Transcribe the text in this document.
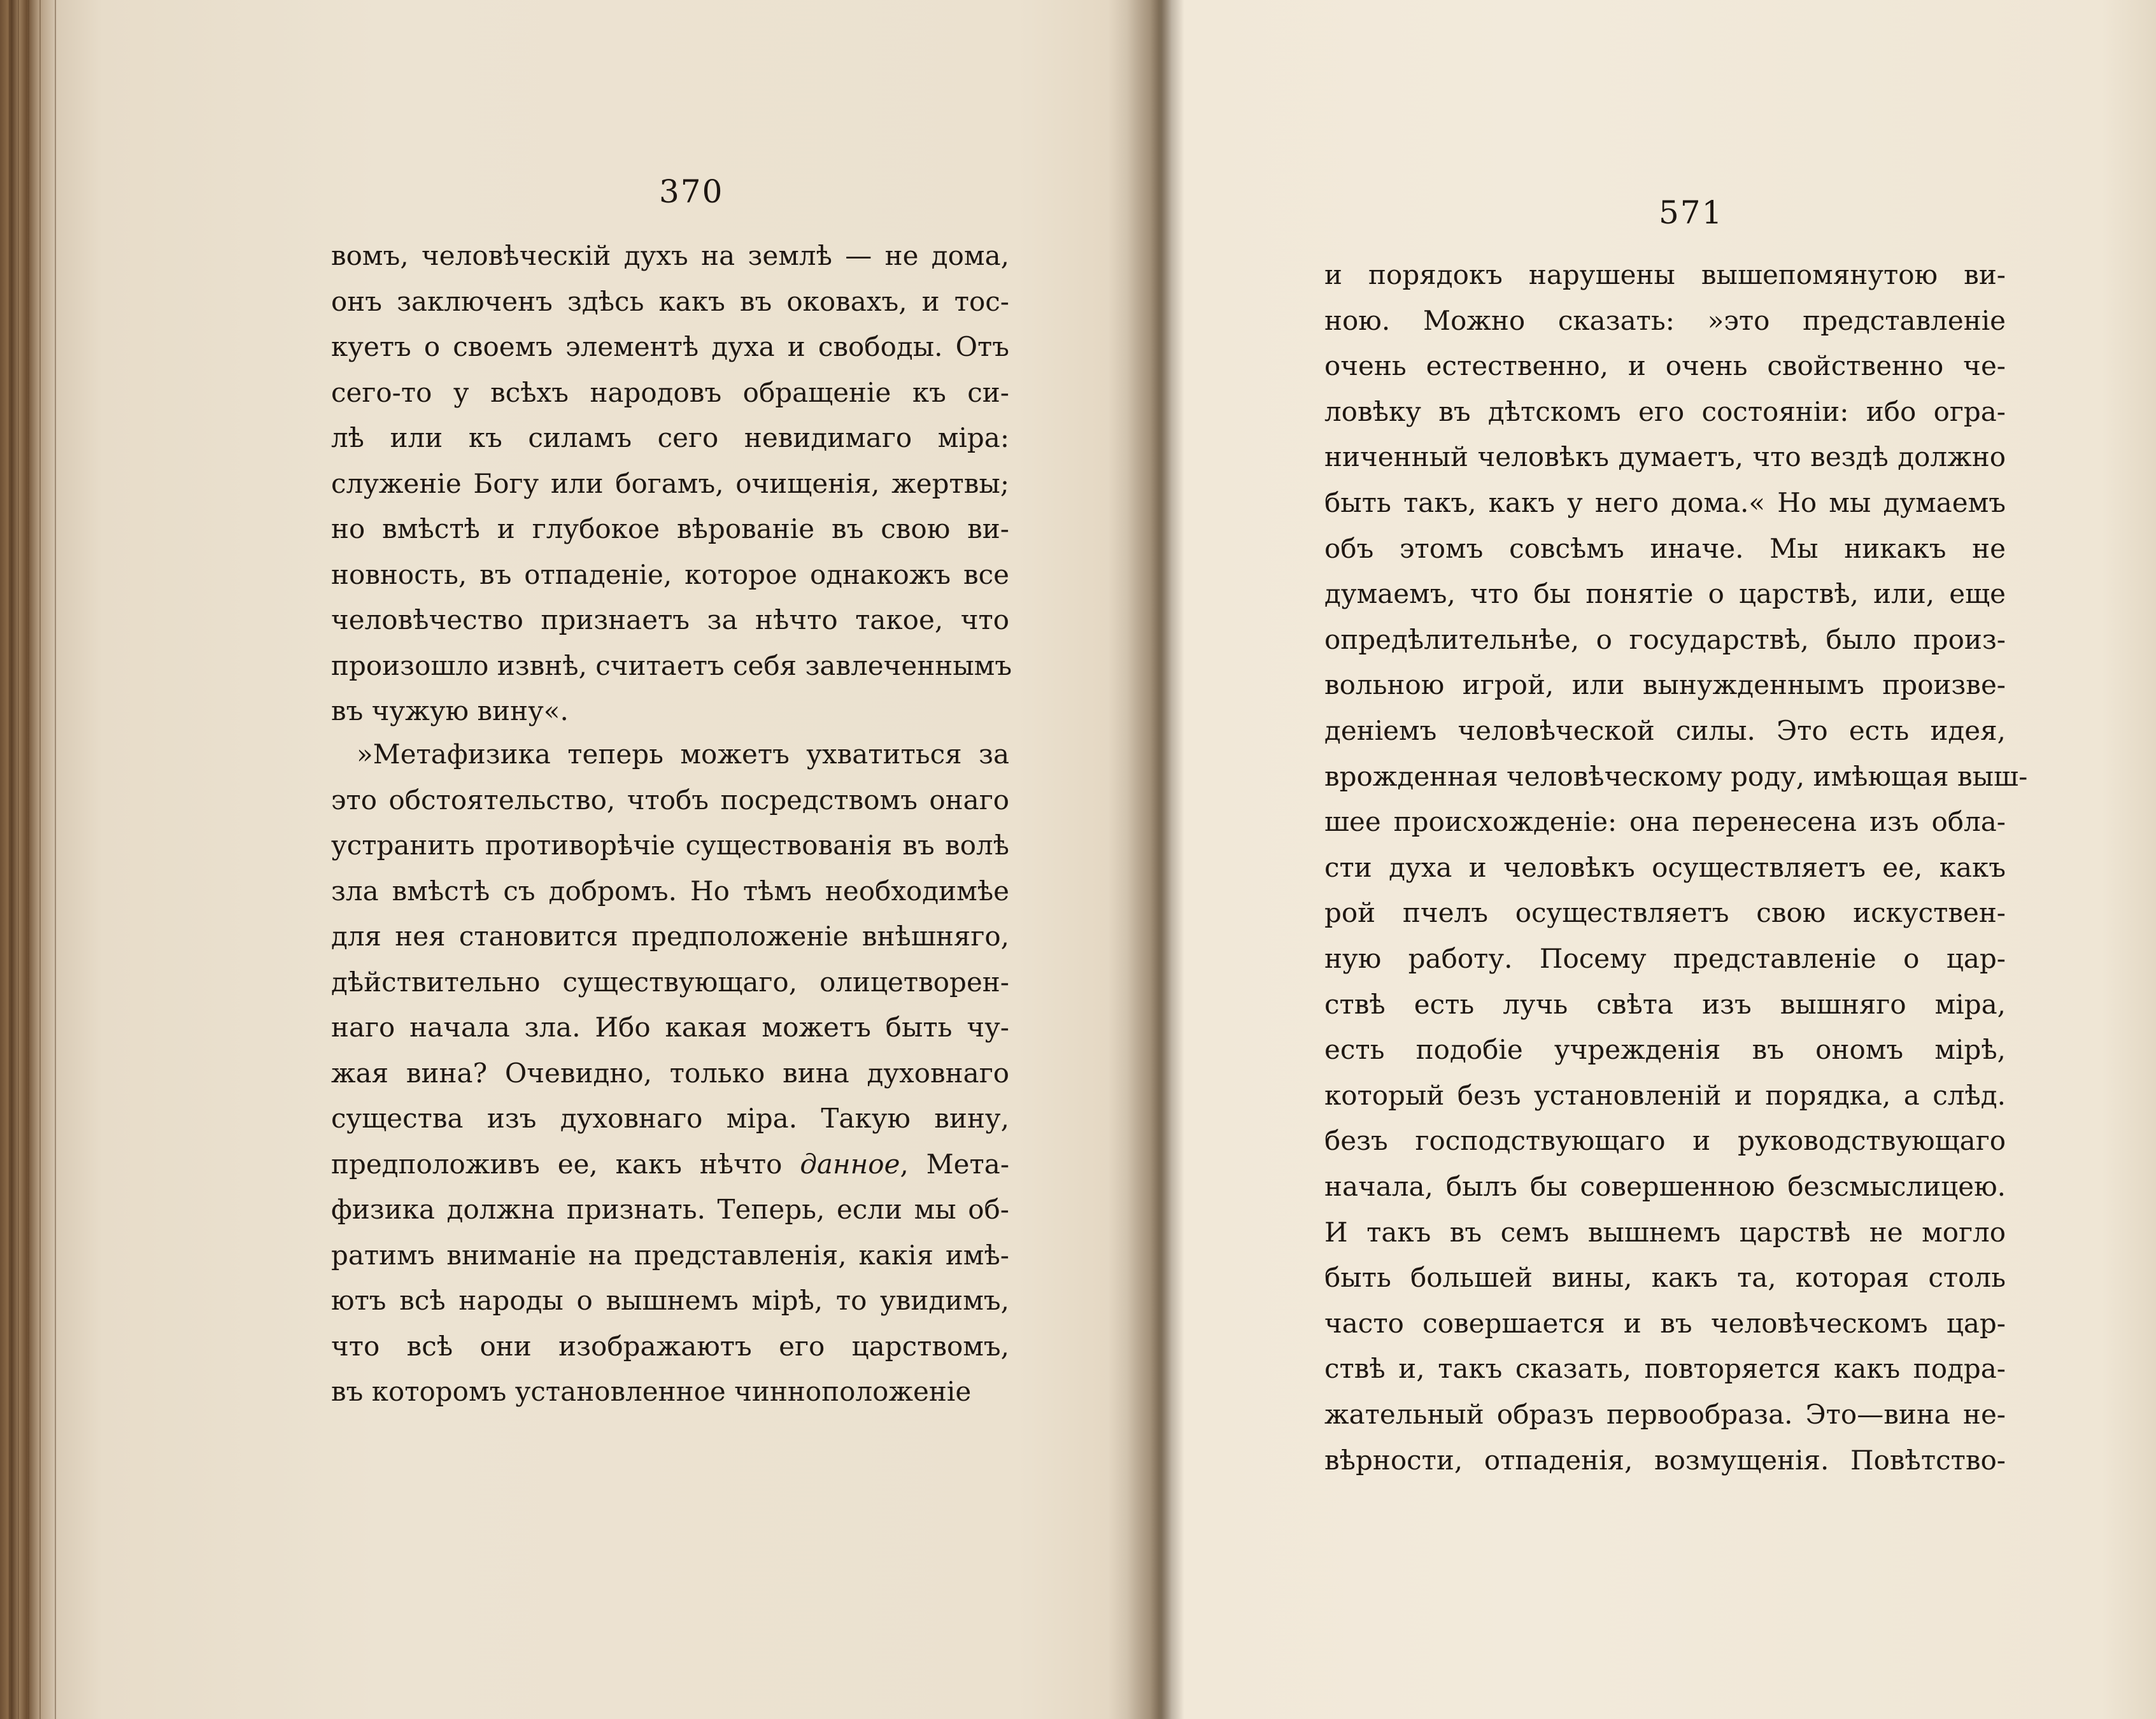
370
вомъ, человѣческій духъ на землѣ — не дома,
онъ заключенъ здѣсь какъ въ оковахъ, и тос-
куетъ о своемъ элементѣ духа и свободы. Отъ
сего-то у всѣхъ народовъ обращеніе къ си-
лѣ или къ силамъ сего невидимаго міра:
служеніе Богу или богамъ, очищенія, жертвы;
но вмѣстѣ и глубокое вѣрованіе въ свою ви-
новность, въ отпаденіе, которое однакожъ все
человѣчество признаетъ за нѣчто такое, что
произошло извнѣ, считаетъ себя завлеченнымъ
въ чужую вину«.
»Метафизика теперь можетъ ухватиться за
это обстоятельство, чтобъ посредствомъ онаго
устранить противорѣчіе существованія въ волѣ
зла вмѣстѣ съ добромъ. Но тѣмъ необходимѣе
для нея становится предположеніе внѣшняго,
дѣйствительно существующаго, олицетворен-
наго начала зла. Ибо какая можетъ быть чу-
жая вина? Очевидно, только вина духовнаго
существа изъ духовнаго міра. Такую вину,
предположивъ ее, какъ нѣчто данное, Мета-
физика должна признать. Теперь, если мы об-
ратимъ вниманіе на представленія, какія имѣ-
ютъ всѣ народы о вышнемъ мірѣ, то увидимъ,
что всѣ они изображаютъ его царствомъ,
въ которомъ установленное чинноположеніе
571
и порядокъ нарушены вышепомянутою ви-
ною. Можно сказать: »это представленіе
очень естественно, и очень свойственно че-
ловѣку въ дѣтскомъ его состояніи: ибо огра-
ниченный человѣкъ думаетъ, что вездѣ должно
быть такъ, какъ у него дома.« Но мы думаемъ
объ этомъ совсѣмъ иначе. Мы никакъ не
думаемъ, что бы понятіе о царствѣ, или, еще
опредѣлительнѣе, о государствѣ, было произ-
вольною игрой, или вынужденнымъ произве-
деніемъ человѣческой силы. Это есть идея,
врожденная человѣческому роду, имѣющая выш-
шее происхожденіе: она перенесена изъ обла-
сти духа и человѣкъ осуществляетъ ее, какъ
рой пчелъ осуществляетъ свою искуствен-
ную работу. Посему представленіе о цар-
ствѣ есть лучь свѣта изъ вышняго міра,
есть подобіе учрежденія въ ономъ мірѣ,
который безъ установленій и порядка, а слѣд.
безъ господствующаго и руководствующаго
начала, былъ бы совершенною безсмыслицею.
И такъ въ семъ вышнемъ царствѣ не могло
быть большей вины, какъ та, которая столь
часто совершается и въ человѣческомъ цар-
ствѣ и, такъ сказать, повторяется какъ подра-
жательный образъ первообраза. Это—вина не-
вѣрности, отпаденія, возмущенія. Повѣтство-
